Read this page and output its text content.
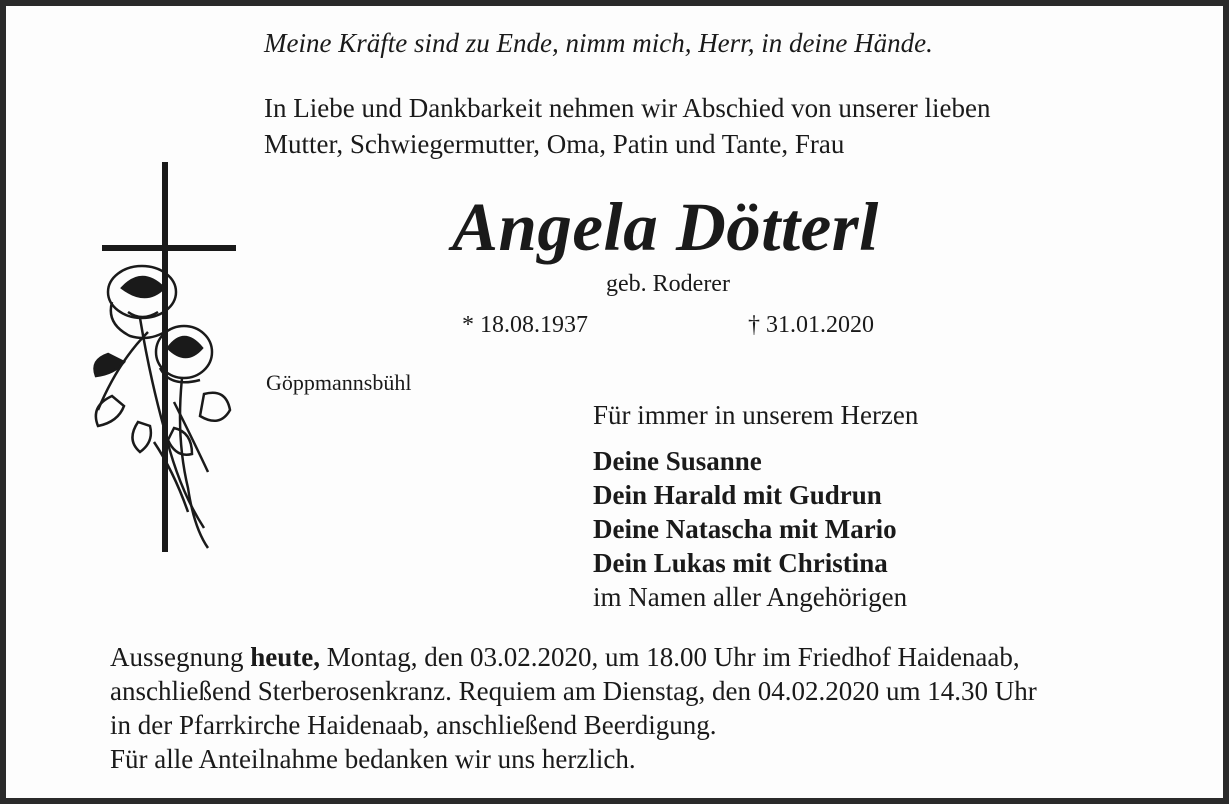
Meine Kräfte sind zu Ende, nimm mich, Herr, in deine Hände.
In Liebe und Dankbarkeit nehmen wir Abschied von unserer lieben
Mutter, Schwiegermutter, Oma, Patin und Tante, Frau
Angela Dötterl
geb. Roderer
* 18.08.1937	† 31.01.2020
Göppmannsbühl
Für immer in unserem Herzen
Deine Susanne
Dein Harald mit Gudrun
Deine Natascha mit Mario
Dein Lukas mit Christina
im Namen aller Angehörigen
Aussegnung heute, Montag, den 03.02.2020, um 18.00 Uhr im Friedhof Haidenaab,
anschließend Sterberosenkranz. Requiem am Dienstag, den 04.02.2020 um 14.30 Uhr
in der Pfarrkirche Haidenaab, anschließend Beerdigung.
Für alle Anteilnahme bedanken wir uns herzlich.
